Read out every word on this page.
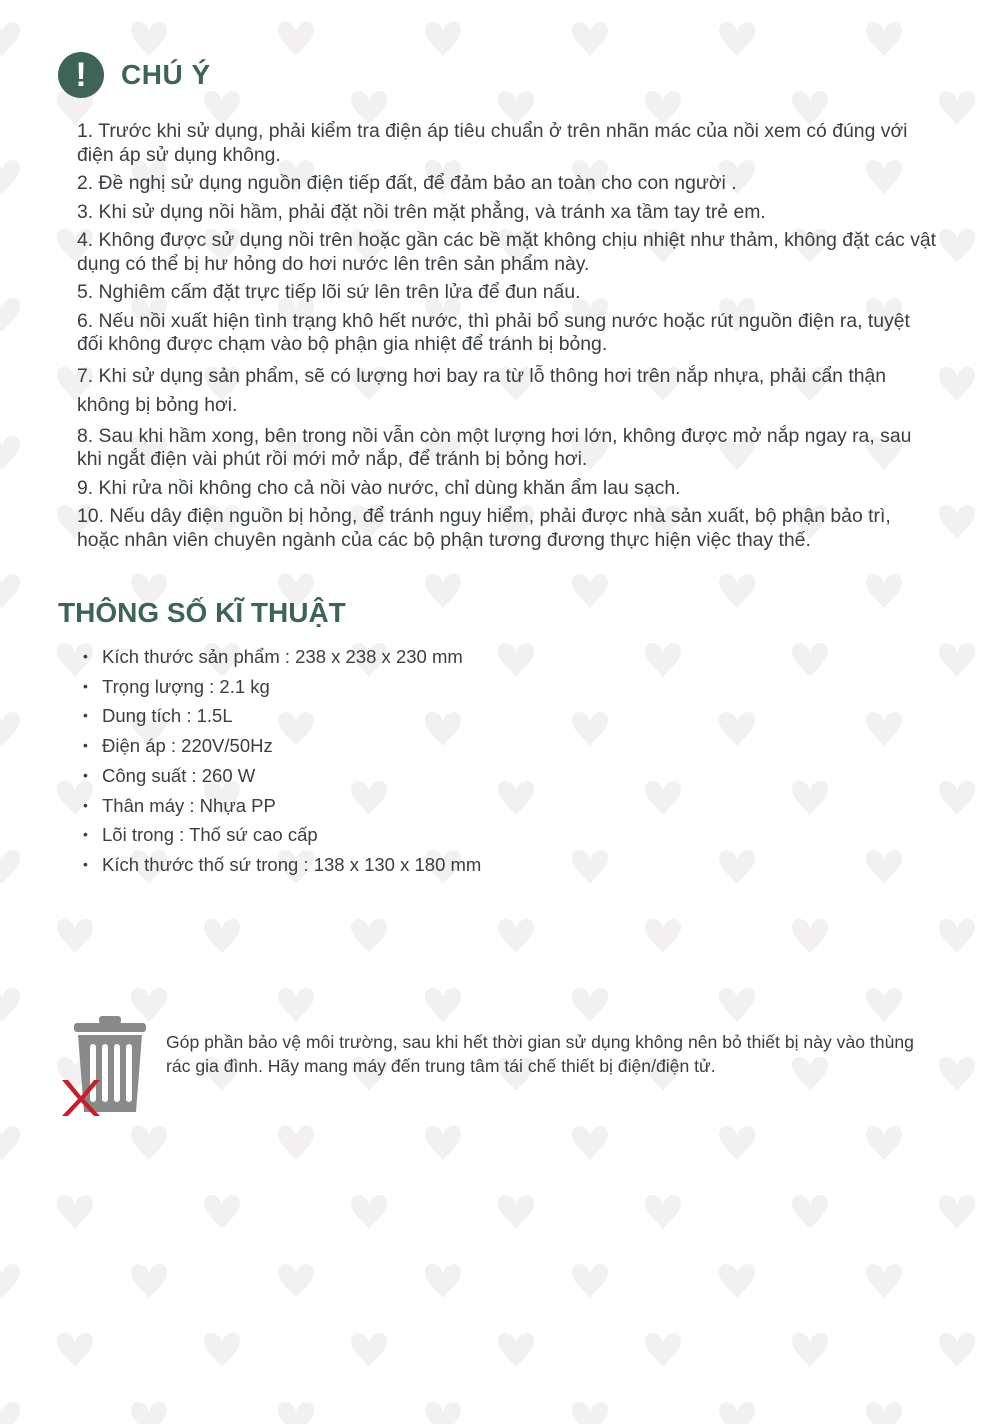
! CHÚ Ý
1. Trước khi sử dụng, phải kiểm tra điện áp tiêu chuẩn ở trên nhãn mác của nồi xem có đúng với điện áp sử dụng không.
2. Đề nghị sử dụng nguồn điện tiếp đất, để đảm bảo an toàn cho con người .
3. Khi sử dụng nồi hầm, phải đặt nồi trên mặt phẳng, và tránh xa tầm tay trẻ em.
4. Không được sử dụng nồi trên hoặc gần các bề mặt không chịu nhiệt như thảm, không đặt các vật dụng có thể bị hư hỏng do hơi nước lên trên sản phẩm này.
5. Nghiêm cấm đặt trực tiếp lõi sứ lên trên lửa để đun nấu.
6. Nếu nồi xuất hiện tình trạng khô hết nước, thì phải bổ sung nước hoặc rút nguồn điện ra, tuyệt đối không được chạm vào bộ phận gia nhiệt để tránh bị bỏng.
7. Khi sử dụng sản phẩm, sẽ có lượng hơi bay ra từ lỗ thông hơi trên nắp nhựa, phải cẩn thận không bị bỏng hơi.
8. Sau khi hầm xong, bên trong nồi vẫn còn một lượng hơi lớn, không được mở nắp ngay ra, sau khi ngắt điện vài phút rồi mới mở nắp, để tránh bị bỏng hơi.
9. Khi rửa nồi không cho cả nồi vào nước, chỉ dùng khăn ẩm lau sạch.
10. Nếu dây điện nguồn bị hỏng, để tránh nguy hiểm, phải được nhà sản xuất, bộ phận bảo trì, hoặc nhân viên chuyên ngành của các bộ phận tương đương thực hiện việc thay thế.
THÔNG SỐ KĨ THUẬT
• Kích thước sản phẩm : 238 x 238 x 230 mm
• Trọng lượng : 2.1 kg
• Dung tích : 1.5L
• Điện áp : 220V/50Hz
• Công suất : 260 W
• Thân máy : Nhựa PP
• Lõi trong : Thố sứ cao cấp
• Kích thước thố sứ trong : 138 x 130 x 180 mm
Góp phần bảo vệ môi trường, sau khi hết thời gian sử dụng không nên bỏ thiết bị này vào thùng rác gia đình. Hãy mang máy đến trung tâm tái chế thiết bị điện/điện tử.
